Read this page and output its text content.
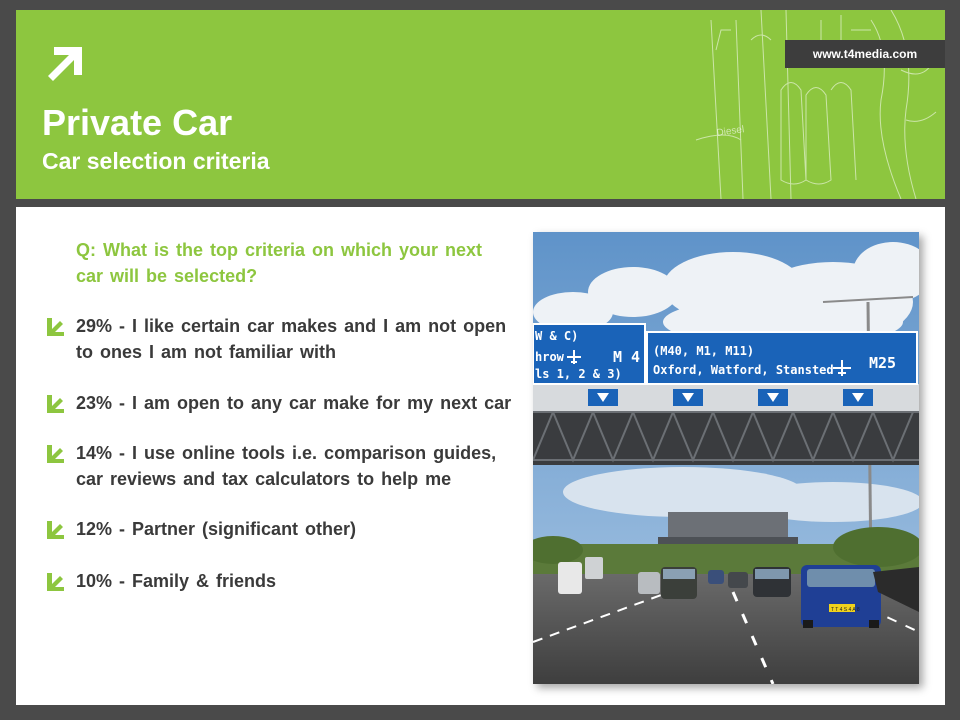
Diesel
Private Car
Car selection criteria
www.t4media.com
Q: What is the top criteria on which your next car will be selected?
29% - I like certain car makes and I am not open to ones I am not familiar with
23% - I am open to any car make for my next car
14% - I use online tools i.e. comparison guides, car reviews and tax calculators to help me
12% - Partner (significant other)
10% - Family & friends
W & C)
hrow
ls 1, 2 & 3)
M 4 (M40, M1, M11)
Oxford, Watford, Stansted M25
T T 4 S 4 A 8
